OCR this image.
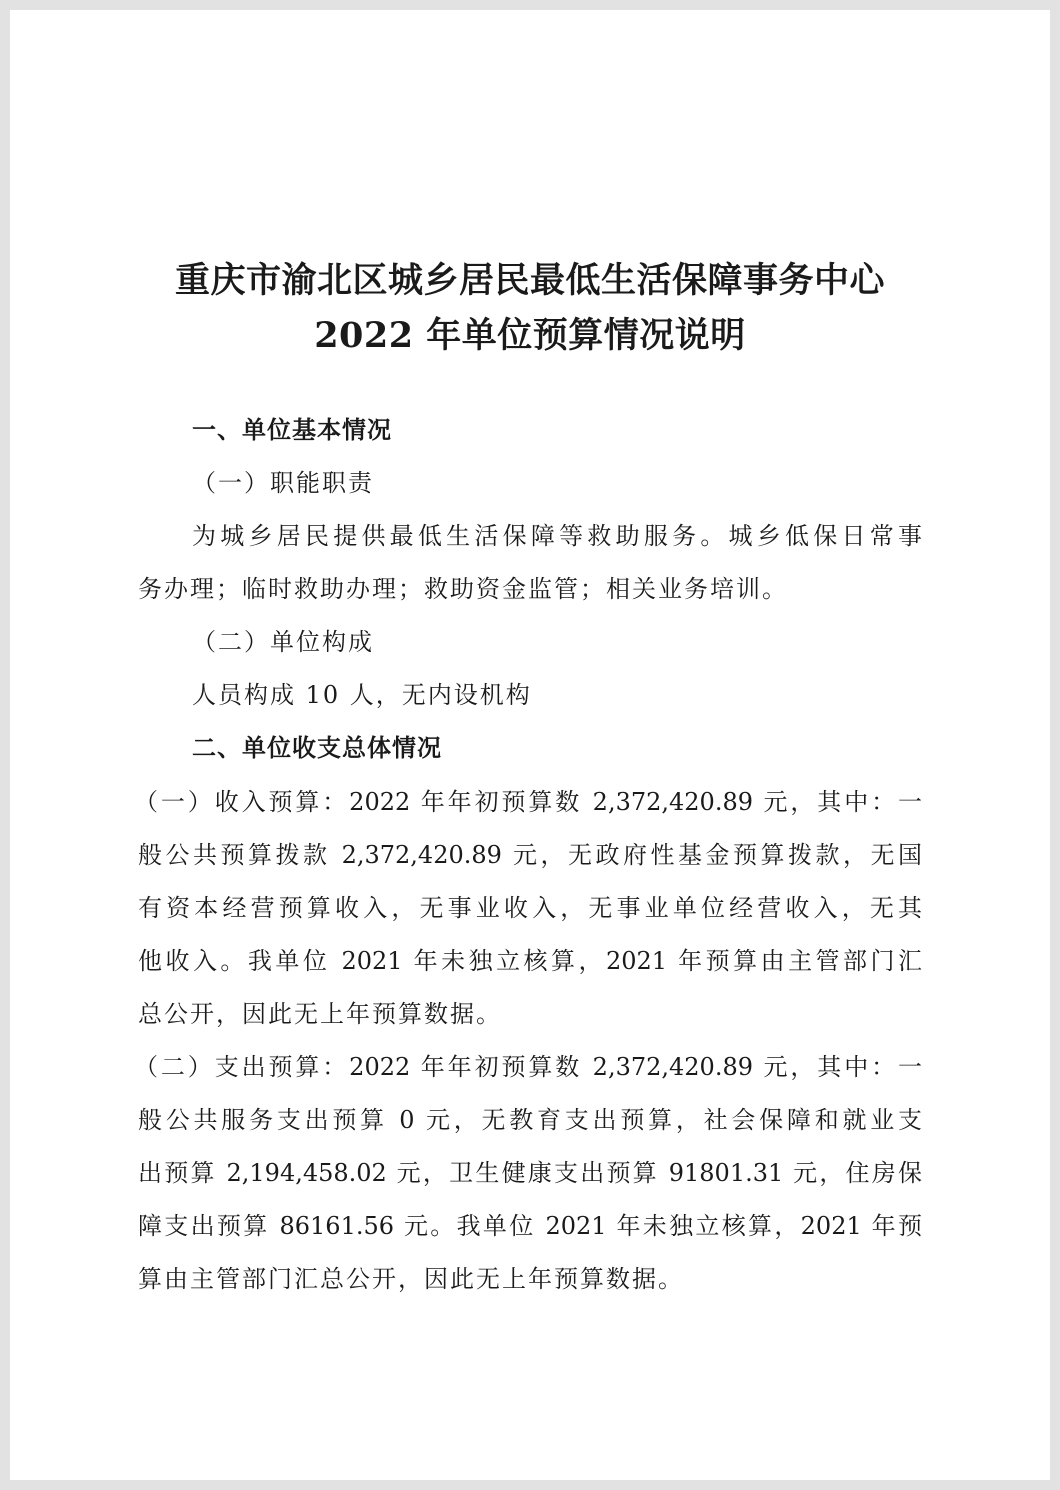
重庆市渝北区城乡居民最低生活保障事务中心
2022 年单位预算情况说明
一、单位基本情况
（一）职能职责
为城乡居民提供最低生活保障等救助服务。城乡低保日常事
务办理；临时救助办理；救助资金监管；相关业务培训。
（二）单位构成
人员构成 10 人，无内设机构
二、单位收支总体情况
（一）收入预算：2022 年年初预算数 2,372,420.89 元，其中：一
般公共预算拨款 2,372,420.89 元，无政府性基金预算拨款，无国
有资本经营预算收入，无事业收入，无事业单位经营收入，无其
他收入。我单位 2021 年未独立核算，2021 年预算由主管部门汇
总公开，因此无上年预算数据。
（二）支出预算：2022 年年初预算数 2,372,420.89 元，其中：一
般公共服务支出预算 0 元，无教育支出预算，社会保障和就业支
出预算 2,194,458.02 元，卫生健康支出预算 91801.31 元，住房保
障支出预算 86161.56 元。我单位 2021 年未独立核算，2021 年预
算由主管部门汇总公开，因此无上年预算数据。
